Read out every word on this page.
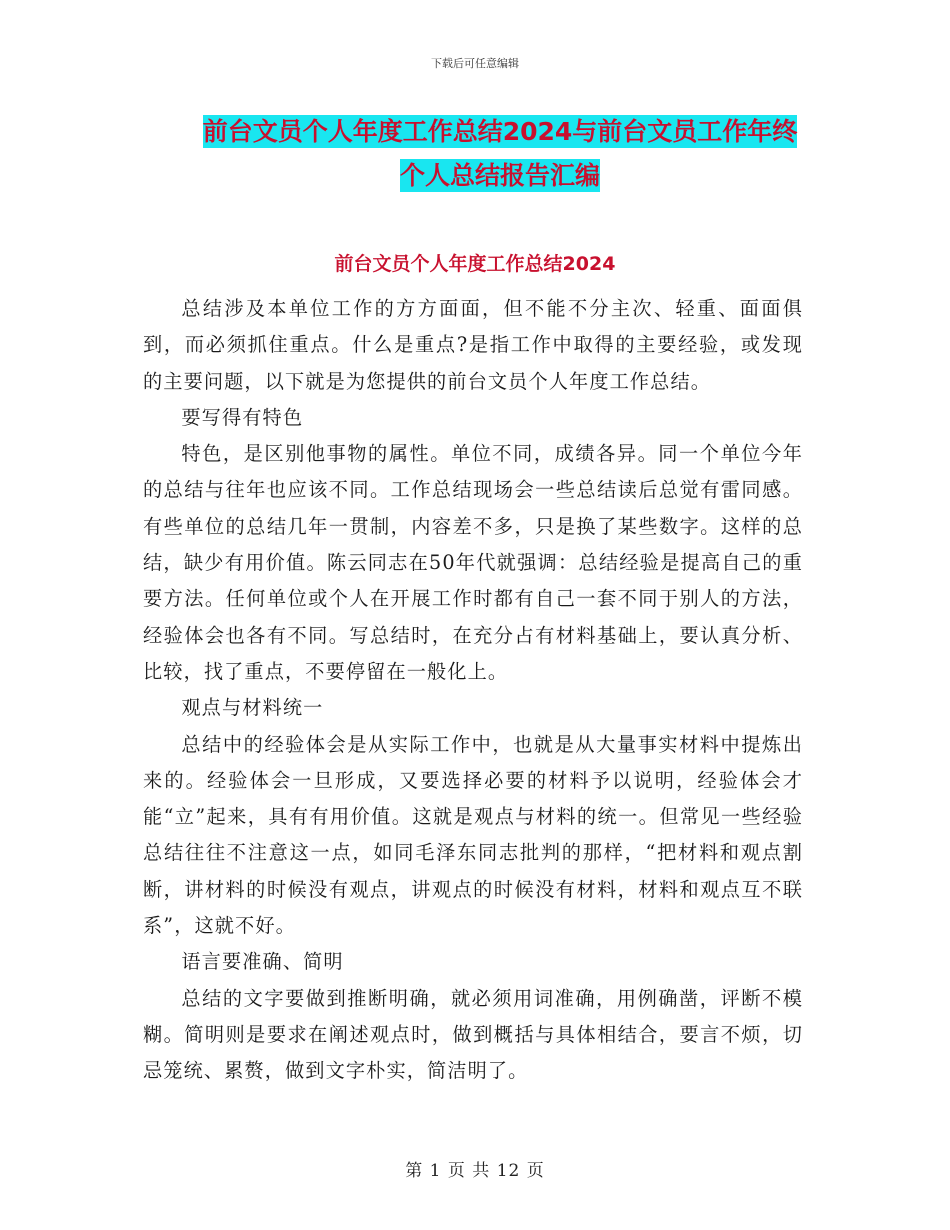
下载后可任意编辑
前台文员个人年度工作总结2024与前台文员工作年终
个人总结报告汇编
前台文员个人年度工作总结2024

总结涉及本单位工作的方方面面，但不能不分主次、轻重、面面俱到，而必须抓住重点。什么是重点?是指工作中取得的主要经验，或发现的主要问题，以下就是为您提供的前台文员个人年度工作总结。

要写得有特色

特色，是区别他事物的属性。单位不同，成绩各异。同一个单位今年的总结与往年也应该不同。工作总结现场会一些总结读后总觉有雷同感。有些单位的总结几年一贯制，内容差不多，只是换了某些数字。这样的总结，缺少有用价值。陈云同志在50年代就强调：总结经验是提高自己的重要方法。任何单位或个人在开展工作时都有自己一套不同于别人的方法，经验体会也各有不同。写总结时，在充分占有材料基础上，要认真分析、比较，找了重点，不要停留在一般化上。

观点与材料统一

总结中的经验体会是从实际工作中，也就是从大量事实材料中提炼出来的。经验体会一旦形成，又要选择必要的材料予以说明，经验体会才能“立”起来，具有有用价值。这就是观点与材料的统一。但常见一些经验总结往往不注意这一点，如同毛泽东同志批判的那样，“把材料和观点割断，讲材料的时候没有观点，讲观点的时候没有材料，材料和观点互不联系”，这就不好。

语言要准确、简明

总结的文字要做到推断明确，就必须用词准确，用例确凿，评断不模糊。简明则是要求在阐述观点时，做到概括与具体相结合，要言不烦，切忌笼统、累赘，做到文字朴实，简洁明了。

第 1 页 共 12 页
